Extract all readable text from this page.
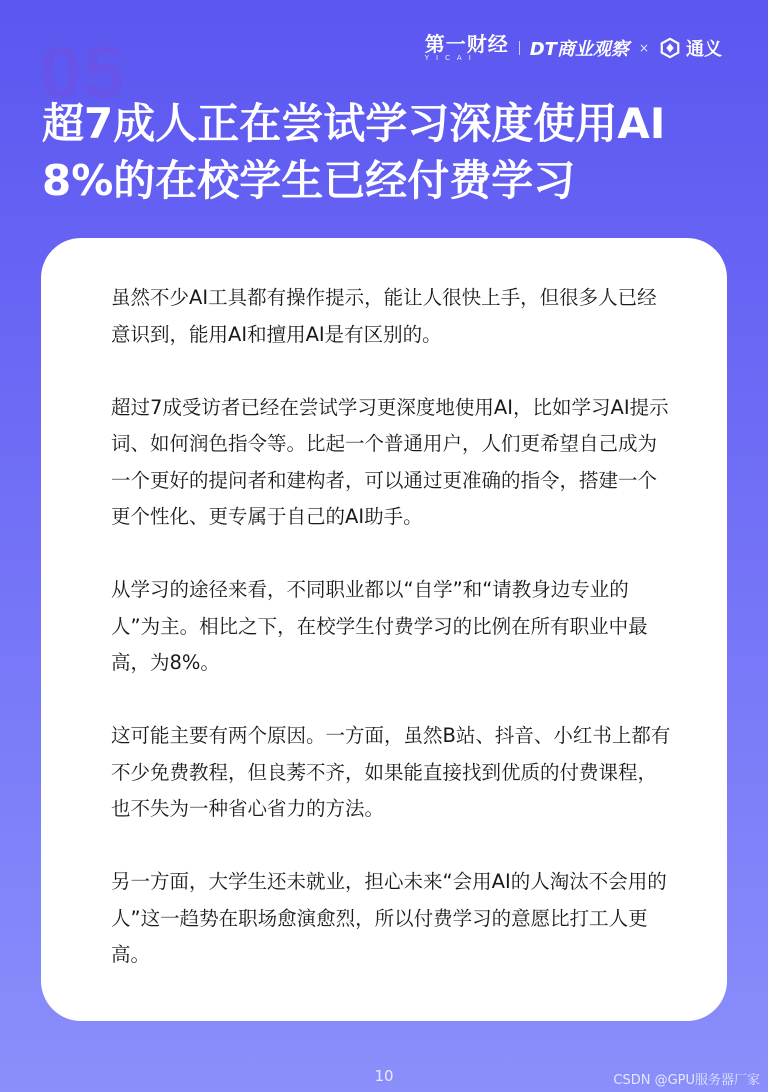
第一财经
YICAI	DT商业观察 × 通义
05
超7成人正在尝试学习深度使用AI
8%的在校学生已经付费学习

虽然不少AI工具都有操作提示，能让人很快上手，但很多人已经意识到，能用AI和擅用AI是有区别的。

超过7成受访者已经在尝试学习更深度地使用AI，比如学习AI提示词、如何润色指令等。比起一个普通用户，人们更希望自己成为一个更好的提问者和建构者，可以通过更准确的指令，搭建一个更个性化、更专属于自己的AI助手。

从学习的途径来看，不同职业都以“自学”和“请教身边专业的人”为主。相比之下，在校学生付费学习的比例在所有职业中最高，为8%。

这可能主要有两个原因。一方面，虽然B站、抖音、小红书上都有不少免费教程，但良莠不齐，如果能直接找到优质的付费课程，也不失为一种省心省力的方法。

另一方面，大学生还未就业，担心未来“会用AI的人淘汰不会用的人”这一趋势在职场愈演愈烈，所以付费学习的意愿比打工人更高。

10	CSDN @GPU服务器厂家
